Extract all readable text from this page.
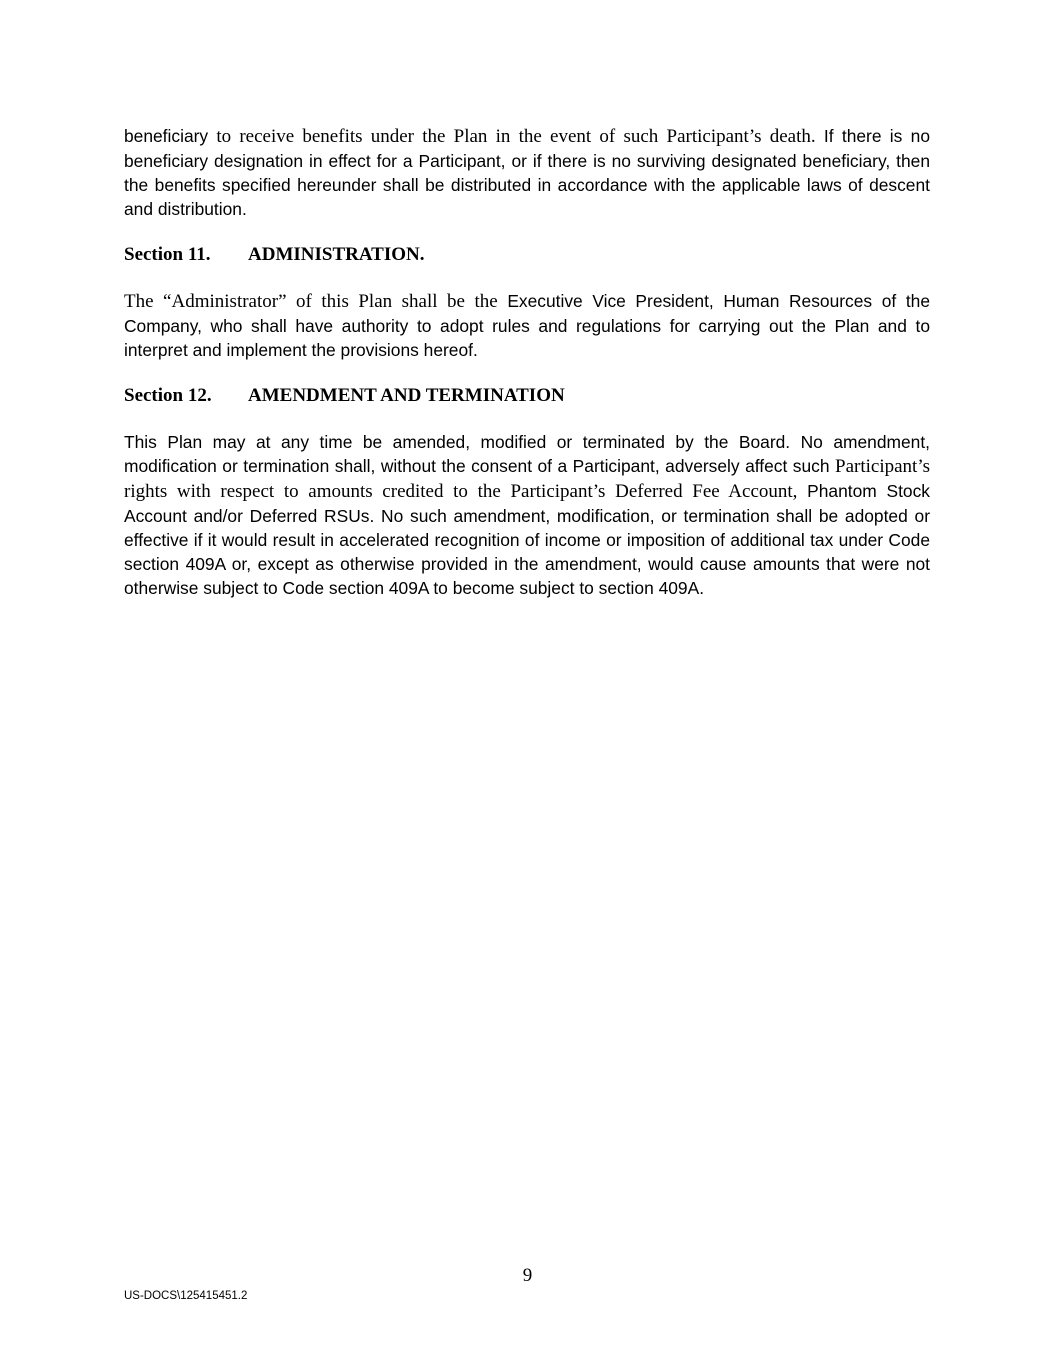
beneficiary to receive benefits under the Plan in the event of such Participant’s death. If there is no beneficiary designation in effect for a Participant, or if there is no surviving designated beneficiary, then the benefits specified hereunder shall be distributed in accordance with the applicable laws of descent and distribution.

Section 11. ADMINISTRATION.

The “Administrator” of this Plan shall be the Executive Vice President, Human Resources of the Company, who shall have authority to adopt rules and regulations for carrying out the Plan and to interpret and implement the provisions hereof.

Section 12. AMENDMENT AND TERMINATION

This Plan may at any time be amended, modified or terminated by the Board. No amendment, modification or termination shall, without the consent of a Participant, adversely affect such Participant’s rights with respect to amounts credited to the Participant’s Deferred Fee Account, Phantom Stock Account and/or Deferred RSUs. No such amendment, modification, or termination shall be adopted or effective if it would result in accelerated recognition of income or imposition of additional tax under Code section 409A or, except as otherwise provided in the amendment, would cause amounts that were not otherwise subject to Code section 409A to become subject to section 409A.

9
US-DOCS\125415451.2
